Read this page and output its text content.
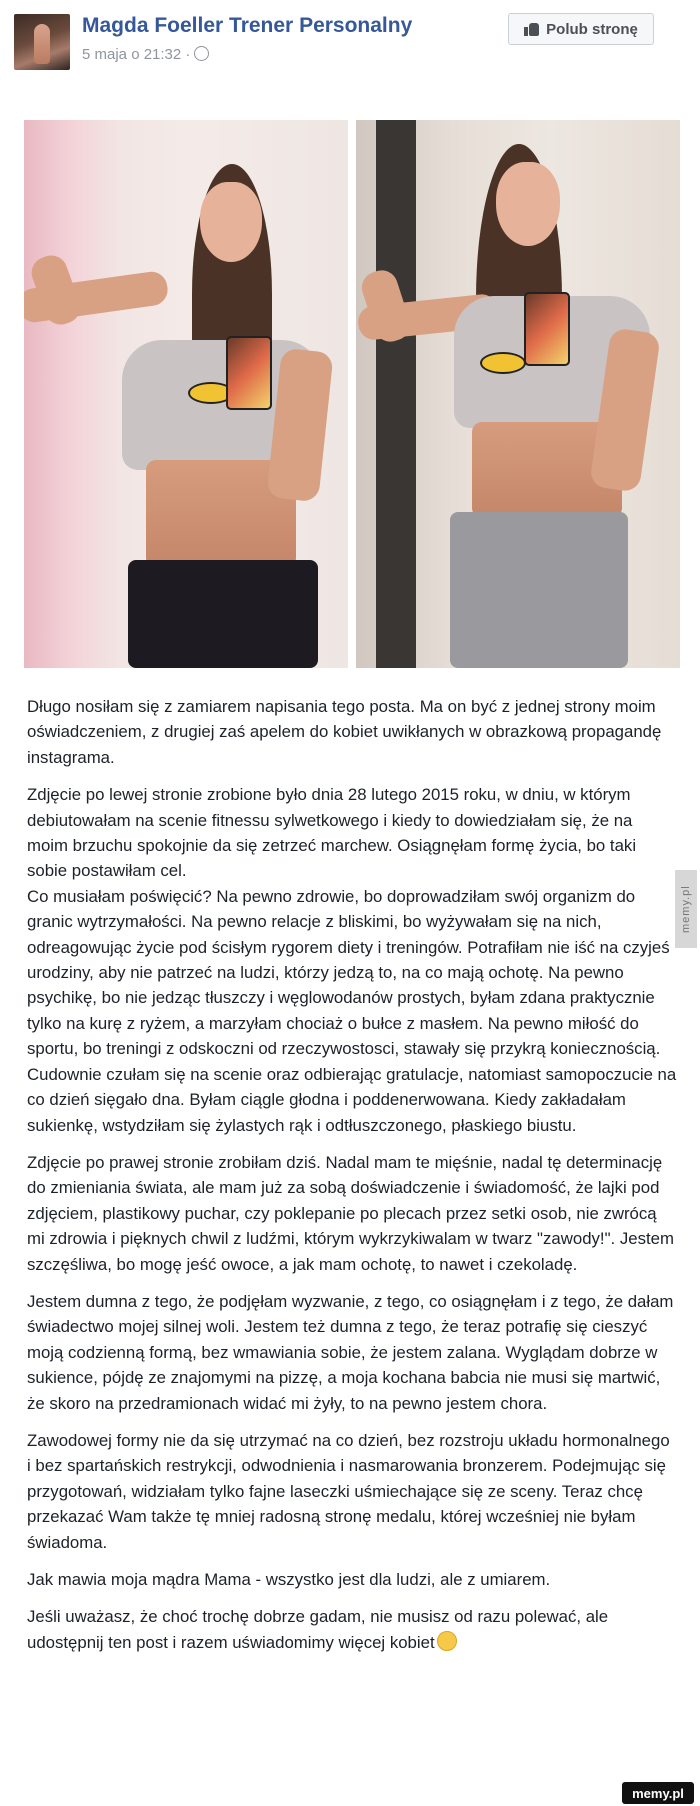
Magda Foeller Trener Personalny
5 maja o 21:32 ·
Polub stronę

Długo nosiłam się z zamiarem napisania tego posta. Ma on być z jednej strony moim oświadczeniem, z drugiej zaś apelem do kobiet uwikłanych w obrazkową propagandę instagrama.

Zdjęcie po lewej stronie zrobione było dnia 28 lutego 2015 roku, w dniu, w którym debiutowałam na scenie fitnessu sylwetkowego i kiedy to dowiedziałam się, że na moim brzuchu spokojnie da się zetrzeć marchew. Osiągnęłam formę życia, bo taki sobie postawiłam cel.
Co musiałam poświęcić? Na pewno zdrowie, bo doprowadziłam swój organizm do granic wytrzymałości. Na pewno relacje z bliskimi, bo wyżywałam się na nich, odreagowując życie pod ścisłym rygorem diety i treningów. Potrafiłam nie iść na czyjeś urodziny, aby nie patrzeć na ludzi, którzy jedzą to, na co mają ochotę. Na pewno psychikę, bo nie jedząc tłuszczy i węglowodanów prostych, byłam zdana praktycznie tylko na kurę z ryżem, a marzyłam chociaż o bułce z masłem. Na pewno miłość do sportu, bo treningi z odskoczni od rzeczywostosci, stawały się przykrą koniecznością. Cudownie czułam się na scenie oraz odbierając gratulacje, natomiast samopoczucie na co dzień sięgało dna. Byłam ciągle głodna i poddenerwowana. Kiedy zakładałam sukienkę, wstydziłam się żylastych rąk i odtłuszczonego, płaskiego biustu.

Zdjęcie po prawej stronie zrobiłam dziś. Nadal mam te mięśnie, nadal tę determinację do zmieniania świata, ale mam już za sobą doświadczenie i świadomość, że lajki pod zdjęciem, plastikowy puchar, czy poklepanie po plecach przez setki osob, nie zwrócą mi zdrowia i pięknych chwil z ludźmi, którym wykrzykiwalam w twarz "zawody!". Jestem szczęśliwa, bo mogę jeść owoce, a jak mam ochotę, to nawet i czekoladę.

Jestem dumna z tego, że podjęłam wyzwanie, z tego, co osiągnęłam i z tego, że dałam świadectwo mojej silnej woli. Jestem też dumna z tego, że teraz potrafię się cieszyć moją codzienną formą, bez wmawiania sobie, że jestem zalana. Wyglądam dobrze w sukience, pójdę ze znajomymi na pizzę, a moja kochana babcia nie musi się martwić, że skoro na przedramionach widać mi żyły, to na pewno jestem chora.

Zawodowej formy nie da się utrzymać na co dzień, bez rozstroju układu hormonalnego i bez spartańskich restrykcji, odwodnienia i nasmarowania bronzerem. Podejmując się przygotowań, widziałam tylko fajne laseczki uśmiechające się ze sceny. Teraz chcę przekazać Wam także tę mniej radosną stronę medalu, której wcześniej nie byłam świadoma.

Jak mawia moja mądra Mama - wszystko jest dla ludzi, ale z umiarem.

Jeśli uważasz, że choć trochę dobrze gadam, nie musisz od razu polewać, ale udostępnij ten post i razem uświadomimy więcej kobiet

memy.pl
memy.pl
